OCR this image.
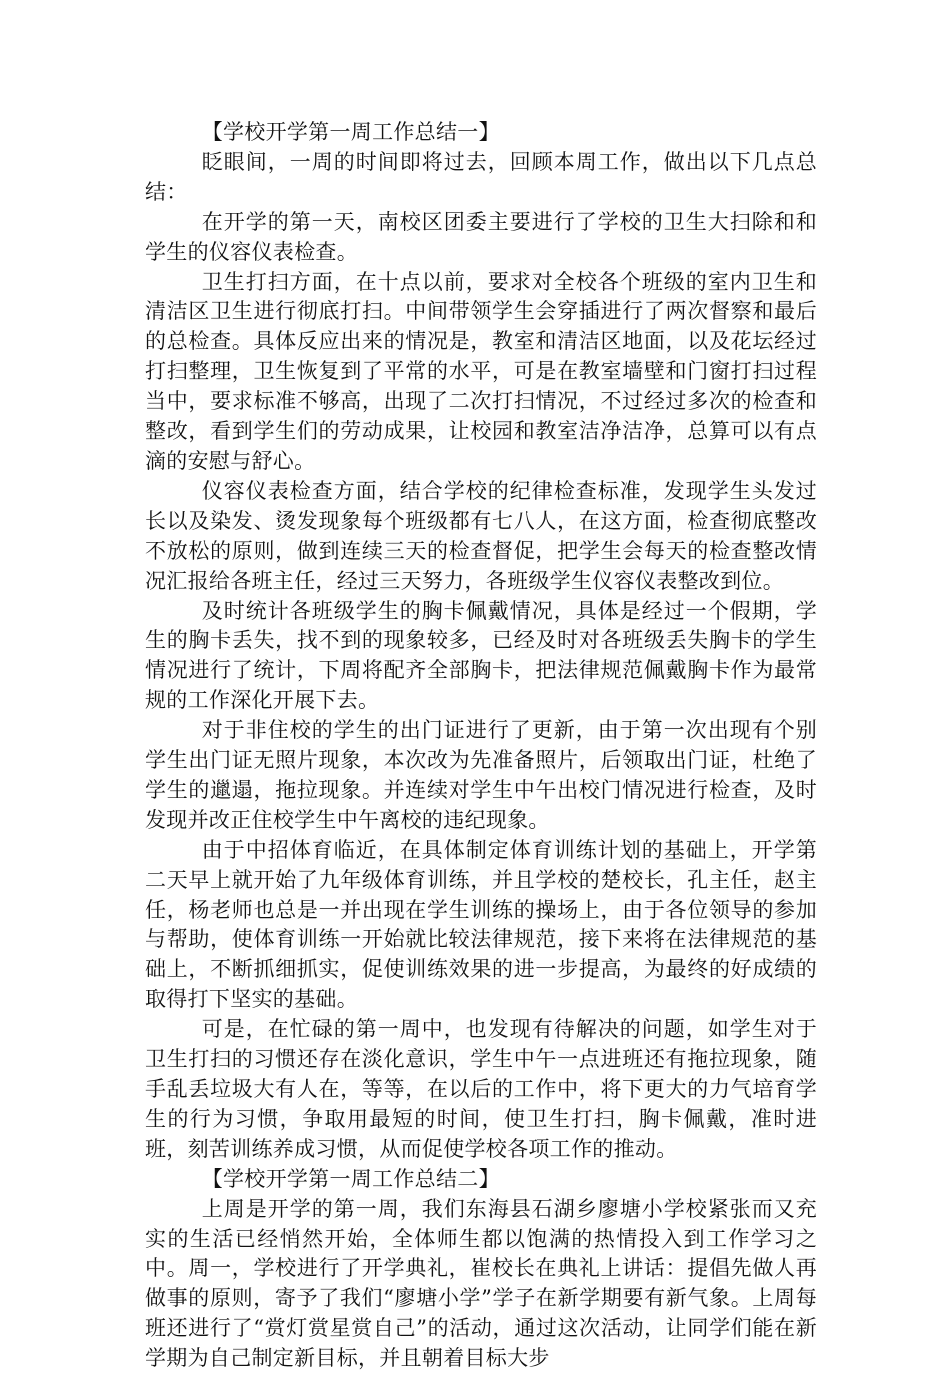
【学校开学第一周工作总结一】

眨眼间，一周的时间即将过去，回顾本周工作，做出以下几点总结：

在开学的第一天，南校区团委主要进行了学校的卫生大扫除和和学生的仪容仪表检查。

卫生打扫方面，在十点以前，要求对全校各个班级的室内卫生和清洁区卫生进行彻底打扫。中间带领学生会穿插进行了两次督察和最后的总检查。具体反应出来的情况是，教室和清洁区地面，以及花坛经过打扫整理，卫生恢复到了平常的水平，可是在教室墙壁和门窗打扫过程当中，要求标准不够高，出现了二次打扫情况，不过经过多次的检查和整改，看到学生们的劳动成果，让校园和教室洁净洁净，总算可以有点滴的安慰与舒心。

仪容仪表检查方面，结合学校的纪律检查标准，发现学生头发过长以及染发、烫发现象每个班级都有七八人，在这方面，检查彻底整改不放松的原则，做到连续三天的检查督促，把学生会每天的检查整改情况汇报给各班主任，经过三天努力，各班级学生仪容仪表整改到位。

及时统计各班级学生的胸卡佩戴情况，具体是经过一个假期，学生的胸卡丢失，找不到的现象较多，已经及时对各班级丢失胸卡的学生情况进行了统计，下周将配齐全部胸卡，把法律规范佩戴胸卡作为最常规的工作深化开展下去。

对于非住校的学生的出门证进行了更新，由于第一次出现有个别学生出门证无照片现象，本次改为先准备照片，后领取出门证，杜绝了学生的邋遢，拖拉现象。并连续对学生中午出校门情况进行检查，及时发现并改正住校学生中午离校的违纪现象。

由于中招体育临近，在具体制定体育训练计划的基础上，开学第二天早上就开始了九年级体育训练，并且学校的楚校长，孔主任，赵主任，杨老师也总是一并出现在学生训练的操场上，由于各位领导的参加与帮助，使体育训练一开始就比较法律规范，接下来将在法律规范的基础上，不断抓细抓实，促使训练效果的进一步提高，为最终的好成绩的取得打下坚实的基础。

可是，在忙碌的第一周中，也发现有待解决的问题，如学生对于卫生打扫的习惯还存在淡化意识，学生中午一点进班还有拖拉现象，随手乱丢垃圾大有人在，等等，在以后的工作中，将下更大的力气培育学生的行为习惯，争取用最短的时间，使卫生打扫，胸卡佩戴，准时进班，刻苦训练养成习惯，从而促使学校各项工作的推动。

【学校开学第一周工作总结二】

上周是开学的第一周，我们东海县石湖乡廖塘小学校紧张而又充实的生活已经悄然开始，全体师生都以饱满的热情投入到工作学习之中。周一，学校进行了开学典礼，崔校长在典礼上讲话：提倡先做人再做事的原则，寄予了我们“廖塘小学”学子在新学期要有新气象。上周每班还进行了“赏灯赏星赏自己”的活动，通过这次活动，让同学们能在新学期为自己制定新目标，并且朝着目标大步
